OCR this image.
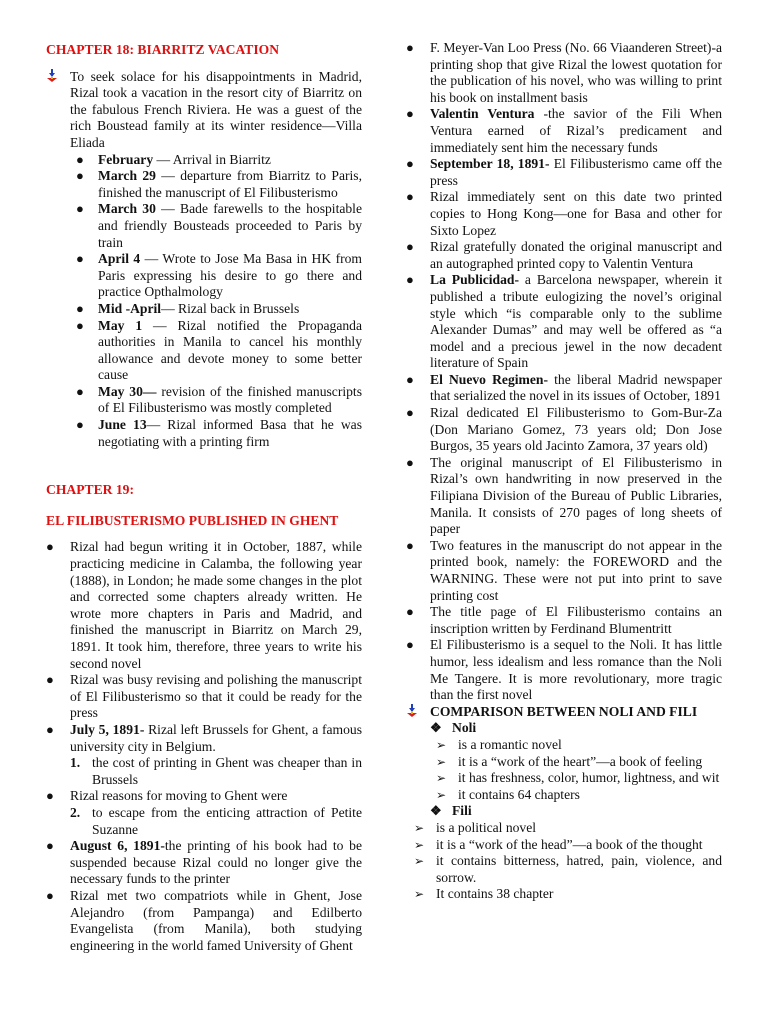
CHAPTER 18: BIARRITZ VACATION
To seek solace for his disappointments in Madrid, Rizal took a vacation in the resort city of Biarritz on the fabulous French Riviera. He was a guest of the rich Boustead family at its winter residence—Villa Eliada
●	February — Arrival in Biarritz
●	March 29 — departure from Biarritz to Paris, finished the manuscript of El Filibusterismo
●	March 30 — Bade farewells to the hospitable and friendly Bousteads proceeded to Paris by train
●	April 4 — Wrote to Jose Ma Basa in HK from Paris expressing his desire to go there and practice Opthalmology
●	Mid -April— Rizal back in Brussels
●	May 1 — Rizal notified the Propaganda authorities in Manila to cancel his monthly allowance and devote money to some better cause
●	May 30— revision of the finished manuscripts of El Filibusterismo was mostly completed
●	June 13— Rizal informed Basa that he was negotiating with a printing firm
CHAPTER 19:
EL FILIBUSTERISMO PUBLISHED IN GHENT
●	Rizal had begun writing it in October, 1887, while practicing medicine in Calamba, the following year (1888), in London; he made some changes in the plot and corrected some chapters already written. He wrote more chapters in Paris and Madrid, and finished the manuscript in Biarritz on March 29, 1891. It took him, therefore, three years to write his second novel
●	Rizal was busy revising and polishing the manuscript of El Filibusterismo so that it could be ready for the press
●	July 5, 1891- Rizal left Brussels for Ghent, a famous university city in Belgium.
1. the cost of printing in Ghent was cheaper than in Brussels
●	Rizal reasons for moving to Ghent were
2. to escape from the enticing attraction of Petite Suzanne
●	August 6, 1891-the printing of his book had to be suspended because Rizal could no longer give the necessary funds to the printer
●	Rizal met two compatriots while in Ghent, Jose Alejandro (from Pampanga) and Edilberto Evangelista (from Manila), both studying engineering in the world famed University of Ghent
●	F. Meyer-Van Loo Press (No. 66 Viaanderen Street)-a printing shop that give Rizal the lowest quotation for the publication of his novel, who was willing to print his book on installment basis
●	Valentin Ventura -the savior of the Fili When Ventura earned of Rizal’s predicament and immediately sent him the necessary funds
●	September 18, 1891- El Filibusterismo came off the press
●	Rizal immediately sent on this date two printed copies to Hong Kong—one for Basa and other for Sixto Lopez
●	Rizal gratefully donated the original manuscript and an autographed printed copy to Valentin Ventura
●	La Publicidad- a Barcelona newspaper, wherein it published a tribute eulogizing the novel’s original style which “is comparable only to the sublime Alexander Dumas” and may well be offered as “a model and a precious jewel in the now decadent literature of Spain
●	El Nuevo Regimen- the liberal Madrid newspaper that serialized the novel in its issues of October, 1891
●	Rizal dedicated El Filibusterismo to Gom-Bur-Za (Don Mariano Gomez, 73 years old; Don Jose Burgos, 35 years old Jacinto Zamora, 37 years old)
●	The original manuscript of El Filibusterismo in Rizal’s own handwriting in now preserved in the Filipiana Division of the Bureau of Public Libraries, Manila. It consists of 270 pages of long sheets of paper
●	Two features in the manuscript do not appear in the printed book, namely: the FOREWORD and the WARNING. These were not put into print to save printing cost
●	The title page of El Filibusterismo contains an inscription written by Ferdinand Blumentritt
●	El Filibusterismo is a sequel to the Noli. It has little humor, less idealism and less romance than the Noli Me Tangere. It is more revolutionary, more tragic than the first novel
COMPARISON BETWEEN NOLI AND FILI
❖ Noli
➢ is a romantic novel
➢ it is a “work of the heart”—a book of feeling
➢ it has freshness, color, humor, lightness, and wit
➢ it contains 64 chapters
❖ Fili
➢ is a political novel
➢ it is a “work of the head”—a book of the thought
➢ it contains bitterness, hatred, pain, violence, and sorrow.
➢ It contains 38 chapter
